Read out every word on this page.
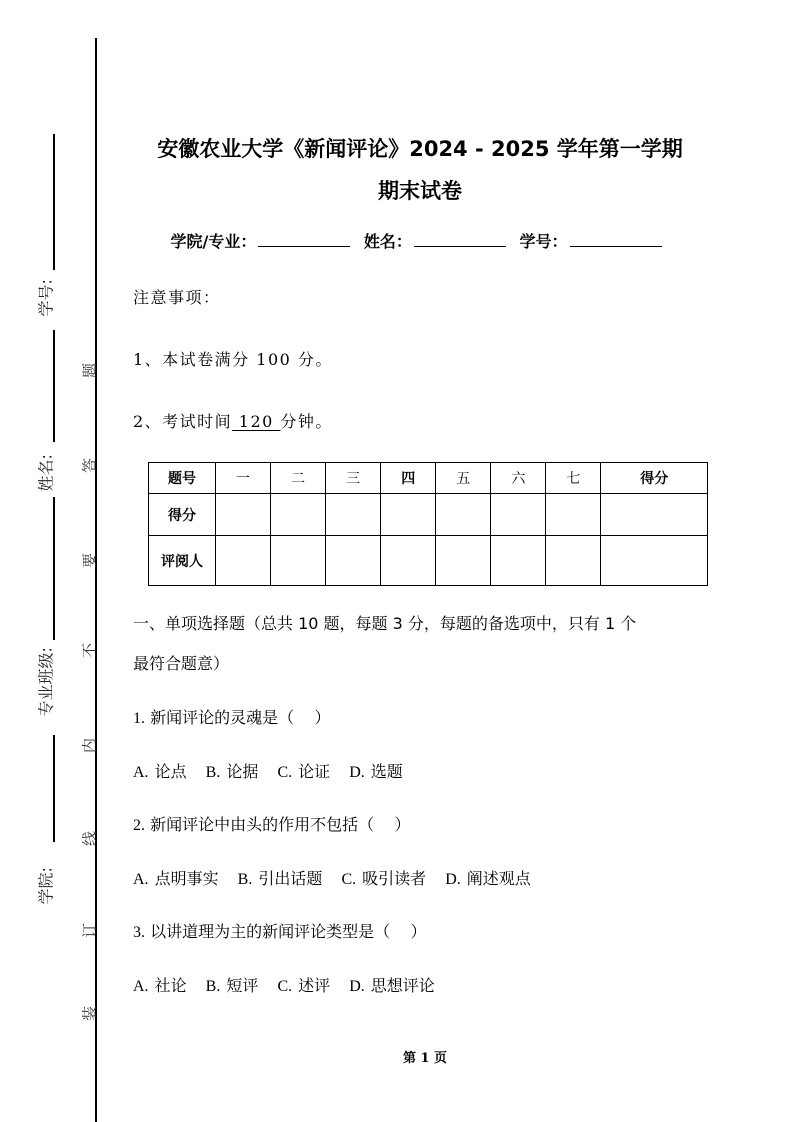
学号:
姓名:
专业班级:
学院:
题
答
要
不
内
线
订
装
安徽农业大学《新闻评论》2024 - 2025 学年第一学期
期末试卷
学院/专业：	姓名：	学号：
注意事项：
1、本试卷满分 100 分。
2、考试时间 120 分钟。
题号	一	二	三	四	五	六	七	得分
得分								
评阅人								
一、单项选择题（总共 10 题，每题 3 分，每题的备选项中，只有 1 个
最符合题意）
1. 新闻评论的灵魂是（    ）
A. 论点 B. 论据 C. 论证 D. 选题
2. 新闻评论中由头的作用不包括（    ）
A. 点明事实 B. 引出话题 C. 吸引读者 D. 阐述观点
3. 以讲道理为主的新闻评论类型是（    ）
A. 社论 B. 短评 C. 述评 D. 思想评论
第 1 页
